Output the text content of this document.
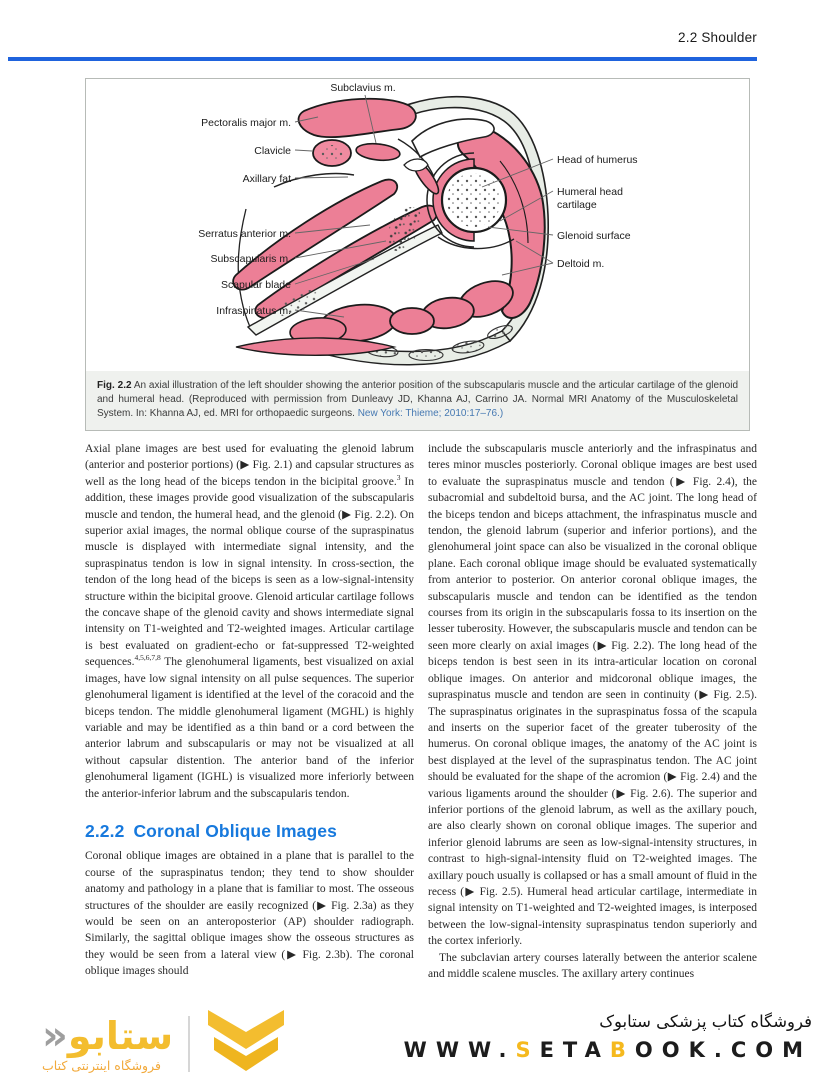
2.2 Shoulder
Subclavius m.
Pectoralis major m.
Clavicle
Axillary fat
Serratus anterior m.
Subscapularis m.
Scapular blade
Infraspinatus m.
Head of humerus
Humeral head
cartilage
Glenoid surface
Deltoid m.
Fig. 2.2 An axial illustration of the left shoulder showing the anterior position of the subscapularis muscle and the articular cartilage of the glenoid and humeral head. (Reproduced with permission from Dunleavy JD, Khanna AJ, Carrino JA. Normal MRI Anatomy of the Musculoskeletal System. In: Khanna AJ, ed. MRI for orthopaedic surgeons. New York: Thieme; 2010:17–76.)

Axial plane images are best used for evaluating the glenoid labrum (anterior and posterior portions) (▶ Fig. 2.1) and capsular structures as well as the long head of the biceps tendon in the bicipital groove.$^3$ In addition, these images provide good visualization of the subscapularis muscle and tendon, the humeral head, and the glenoid (▶ Fig. 2.2). On superior axial images, the normal oblique course of the supraspinatus muscle is displayed with intermediate signal intensity, and the supraspinatus tendon is low in signal intensity. In cross-section, the tendon of the long head of the biceps is seen as a low-signal-intensity structure within the bicipital groove. Glenoid articular cartilage follows the concave shape of the glenoid cavity and shows intermediate signal intensity on T1-weighted and T2-weighted images. Articular cartilage is best evaluated on gradient-echo or fat-suppressed T2-weighted sequences.$^{4,5,6,7,8}$ The glenohumeral ligaments, best visualized on axial images, have low signal intensity on all pulse sequences. The superior glenohumeral ligament is identified at the level of the coracoid and the biceps tendon. The middle glenohumeral ligament (MGHL) is highly variable and may be identified as a thin band or a cord between the anterior labrum and subscapularis or may not be visualized at all without capsular distention. The anterior band of the inferior glenohumeral ligament (IGHL) is visualized more inferiorly between the anterior-inferior labrum and the subscapularis tendon.

2.2.2 Coronal Oblique Images

Coronal oblique images are obtained in a plane that is parallel to the course of the supraspinatus tendon; they tend to show shoulder anatomy and pathology in a plane that is familiar to most. The osseous structures of the shoulder are easily recognized (▶ Fig. 2.3a) as they would be seen on an anteroposterior (AP) shoulder radiograph. Similarly, the sagittal oblique images show the osseous structures as they would be seen from a lateral view (▶ Fig. 2.3b). The coronal oblique images should

include the subscapularis muscle anteriorly and the infraspinatus and teres minor muscles posteriorly. Coronal oblique images are best used to evaluate the supraspinatus muscle and tendon (▶ Fig. 2.4), the subacromial and subdeltoid bursa, and the AC joint. The long head of the biceps tendon and biceps attachment, the infraspinatus muscle and tendon, the glenoid labrum (superior and inferior portions), and the glenohumeral joint space can also be visualized in the coronal oblique plane. Each coronal oblique image should be evaluated systematically from anterior to posterior. On anterior coronal oblique images, the subscapularis muscle and tendon can be identified as the tendon courses from its origin in the subscapularis fossa to its insertion on the lesser tuberosity. However, the subscapularis muscle and tendon can be seen more clearly on axial images (▶ Fig. 2.2). The long head of the biceps tendon is best seen in its intra-articular location on coronal oblique images. On anterior and midcoronal oblique images, the supraspinatus muscle and tendon are seen in continuity (▶ Fig. 2.5). The supraspinatus originates in the supraspinatus fossa of the scapula and inserts on the superior facet of the greater tuberosity of the humerus. On coronal oblique images, the anatomy of the AC joint is best displayed at the level of the supraspinatus tendon. The AC joint should be evaluated for the shape of the acromion (▶ Fig. 2.4) and the various ligaments around the shoulder (▶ Fig. 2.6). The superior and inferior portions of the glenoid labrum, as well as the axillary pouch, are also clearly shown on coronal oblique images. The superior and inferior glenoid labrums are seen as low-signal-intensity structures, in contrast to high-signal-intensity fluid on T2-weighted images. The axillary pouch usually is collapsed or has a small amount of fluid in the recess (▶ Fig. 2.5). Humeral head articular cartilage, intermediate in signal intensity on T1-weighted and T2-weighted images, is interposed between the low-signal-intensity supraspinatus tendon superiorly and the cortex inferiorly.

The subclavian artery courses laterally between the anterior scalene and middle scalene muscles. The axillary artery continues

ستابو«
فروشگاه اینترنتی کتاب
فروشگاه کتاب پزشکی ستابوک
WWW.SETABOOK.COM
